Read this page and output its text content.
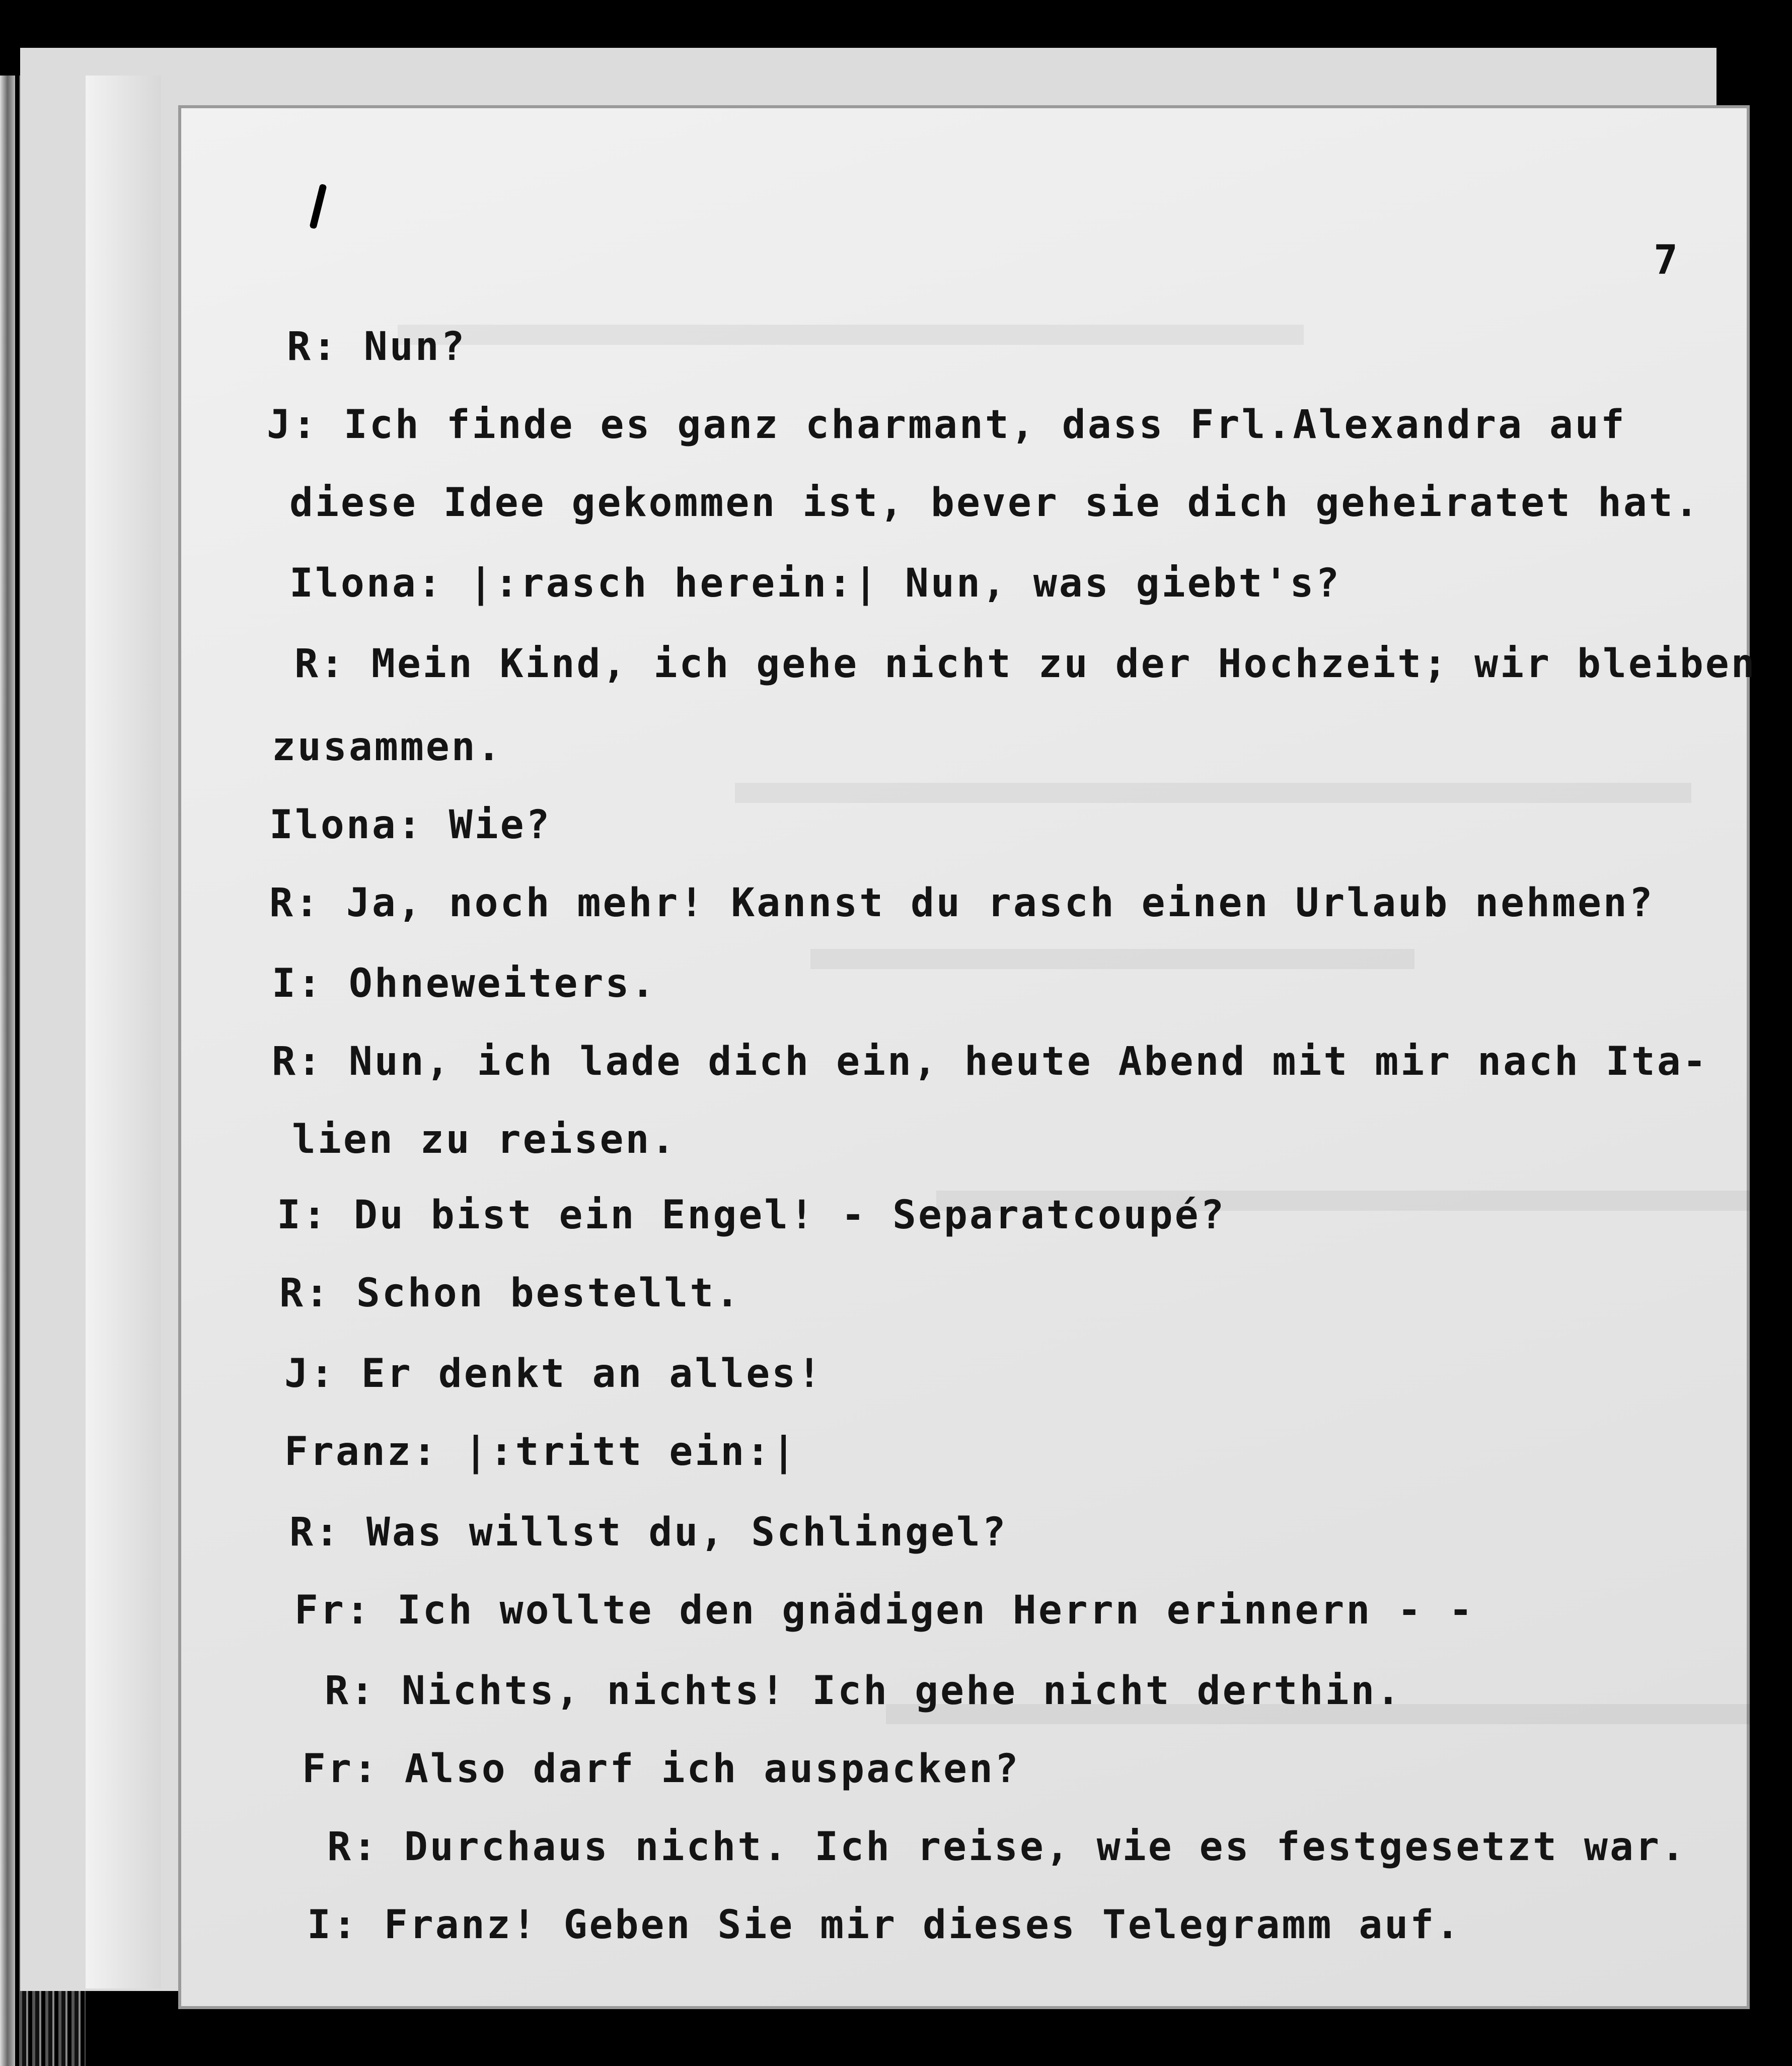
7
R: Nun?
J: Ich finde es ganz charmant, dass Frl.Alexandra auf
diese Idee gekommen ist, bever sie dich geheiratet hat.
Ilona: |:rasch herein:| Nun, was giebt's?
R: Mein Kind, ich gehe nicht zu der Hochzeit; wir bleiben
zusammen.
Ilona: Wie?
R: Ja, noch mehr! Kannst du rasch einen Urlaub nehmen?
I: Ohneweiters.
R: Nun, ich lade dich ein, heute Abend mit mir nach Ita-
lien zu reisen.
I: Du bist ein Engel! - Separatcoupé?
R: Schon bestellt.
J: Er denkt an alles!
Franz: |:tritt ein:|
R: Was willst du, Schlingel?
Fr: Ich wollte den gnädigen Herrn erinnern - -
R: Nichts, nichts! Ich gehe nicht derthin.
Fr: Also darf ich auspacken?
R: Durchaus nicht. Ich reise, wie es festgesetzt war.
I: Franz! Geben Sie mir dieses Telegramm auf.
